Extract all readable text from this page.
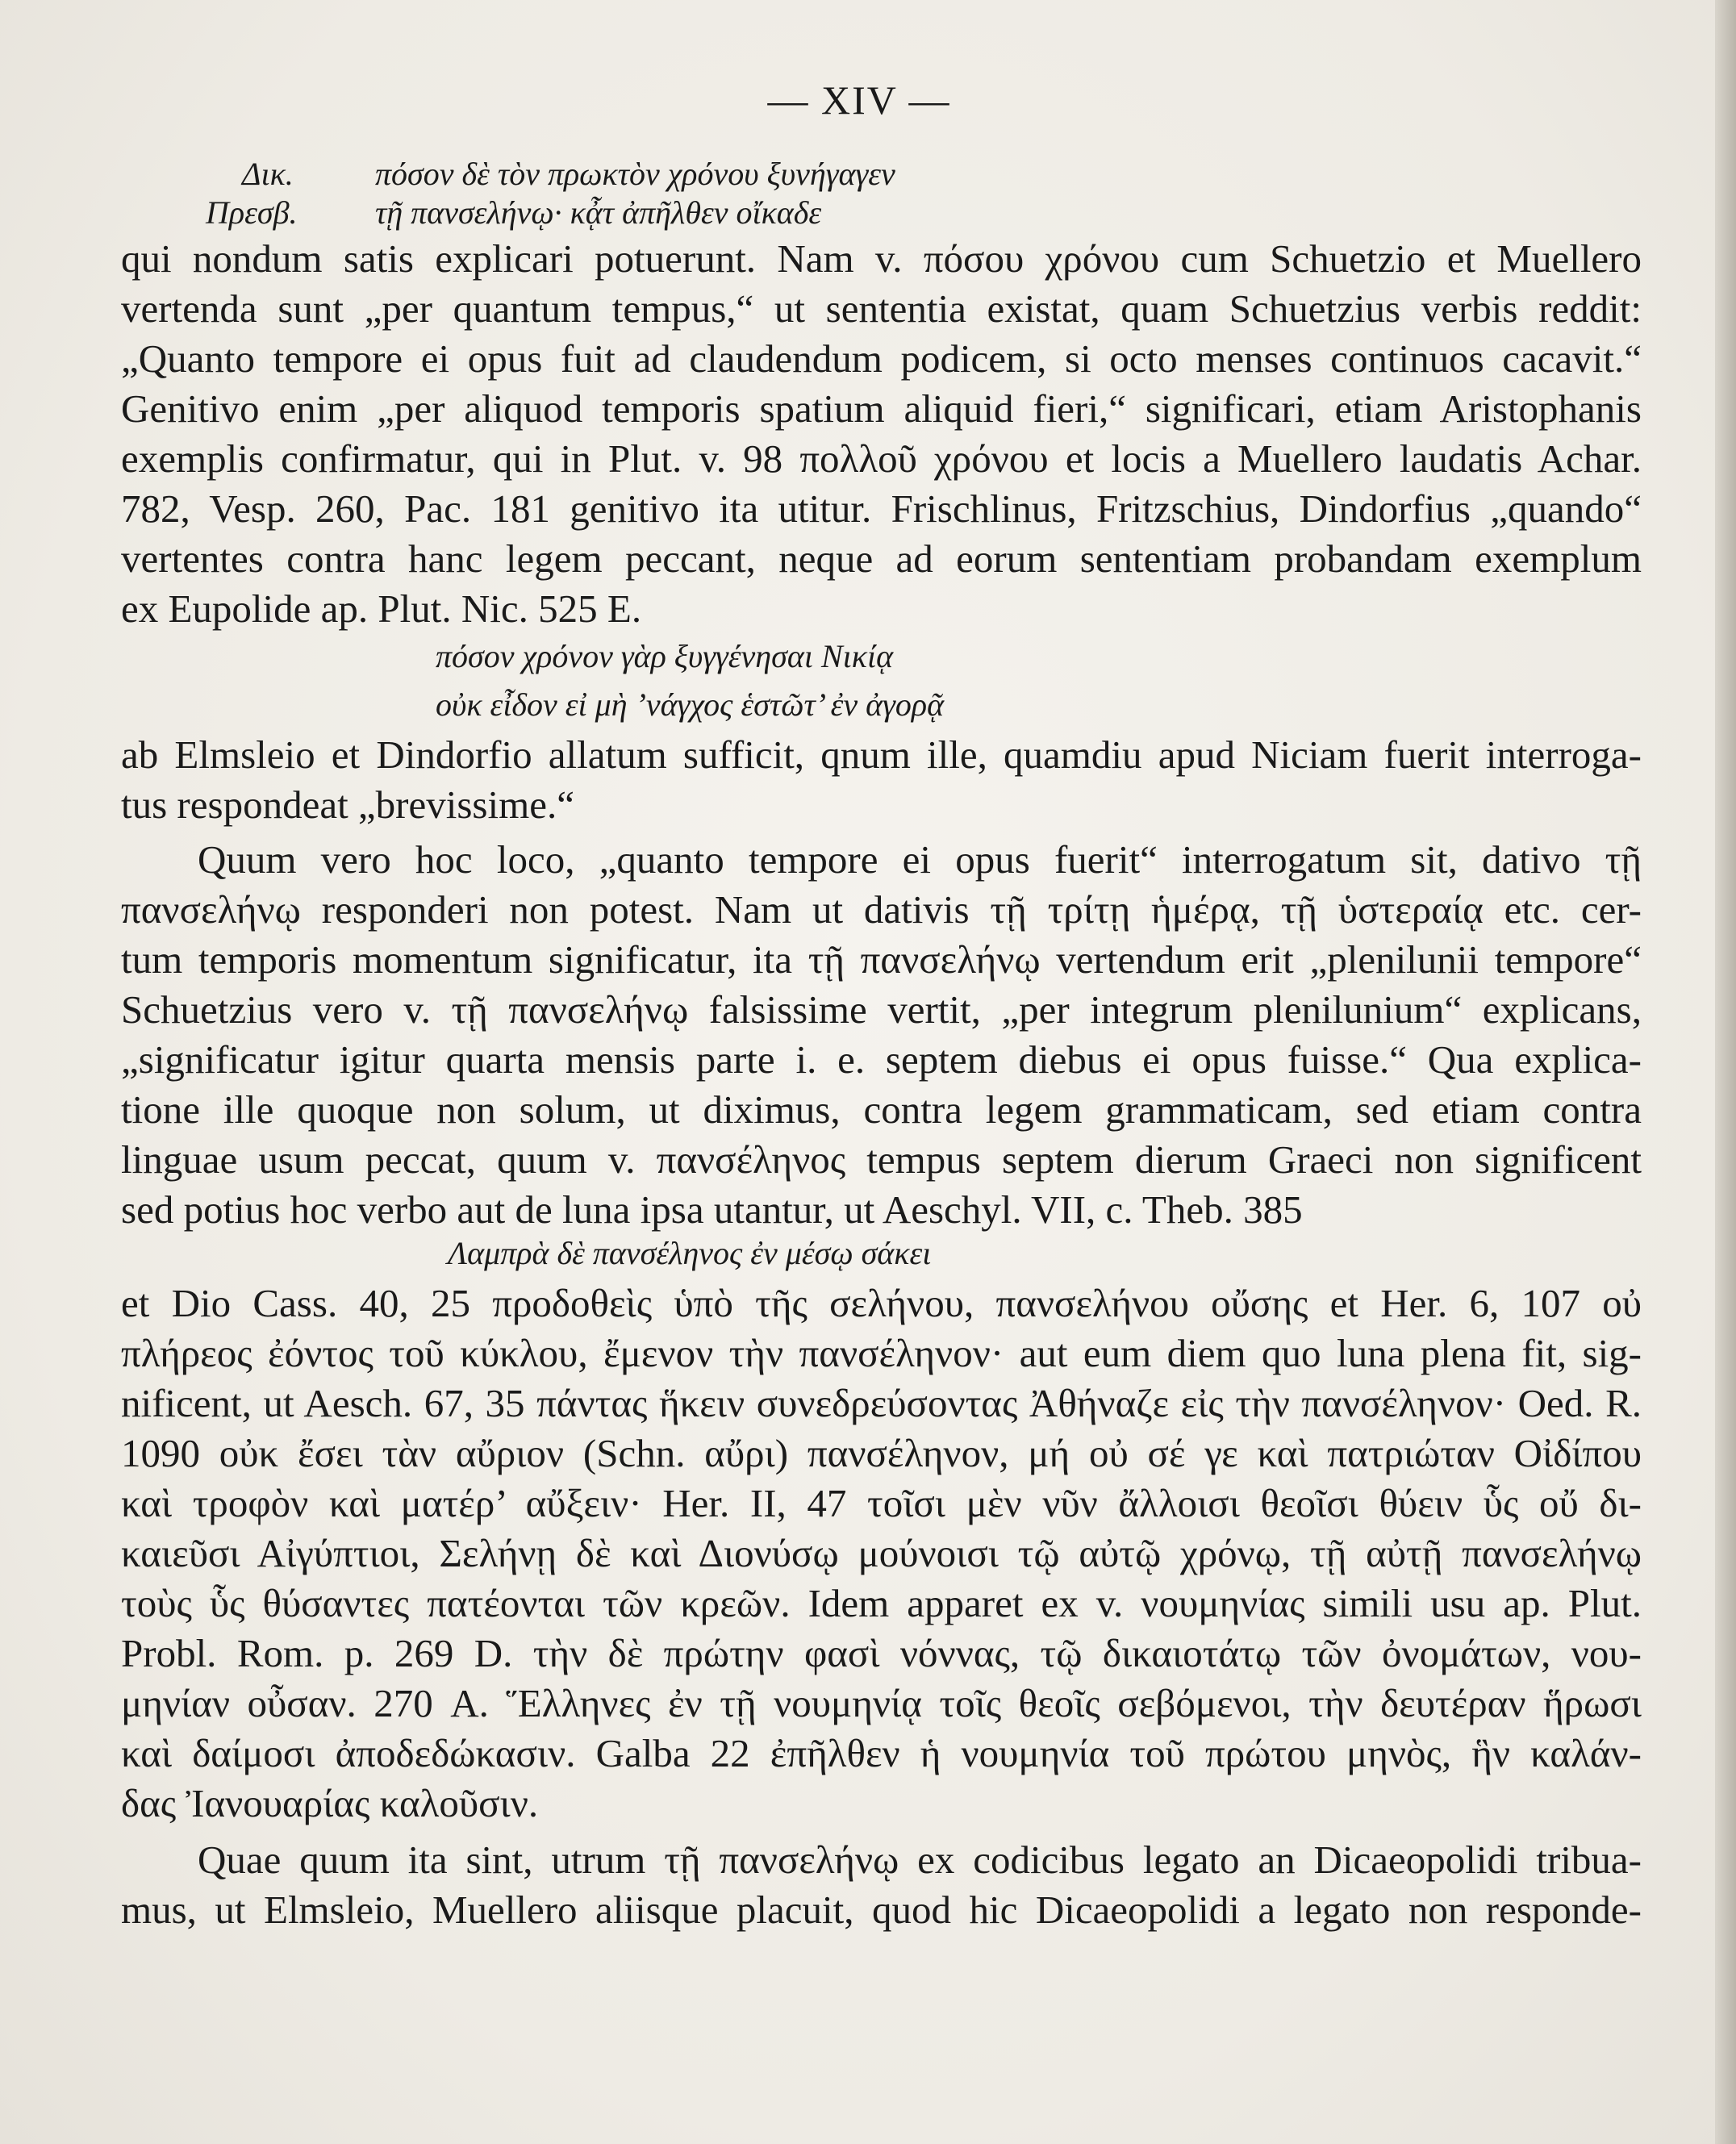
— XIV —
Δικ.	πόσον δὲ τὸν πρωκτὸν χρόνου ξυνήγαγεν
Πρεσβ. τῇ πανσελήνῳ· κᾆτ ἀπῆλθεν οἴκαδε
qui nondum satis explicari potuerunt. Nam v. πόσου χρόνου cum Schuetzio et Muellero
vertenda sunt „per quantum tempus,“ ut sententia existat, quam Schuetzius verbis reddit:
„Quanto tempore ei opus fuit ad claudendum podicem, si octo menses continuos cacavit.“
Genitivo enim „per aliquod temporis spatium aliquid fieri,“ significari, etiam Aristophanis
exemplis confirmatur, qui in Plut. v. 98 πολλοῦ χρόνου et locis a Muellero laudatis Achar.
782, Vesp. 260, Pac. 181 genitivo ita utitur. Frischlinus, Fritzschius, Dindorfius „quando“
vertentes contra hanc legem peccant, neque ad eorum sententiam probandam exemplum
ex Eupolide ap. Plut. Nic. 525 E.
πόσον χρόνον γὰρ ξυγγένησαι Νικίᾳ
οὐκ εἶδον εἰ μὴ ’νάγχος ἑστῶτ’ ἐν ἀγορᾷ
ab Elmsleio et Dindorfio allatum sufficit, qnum ille, quamdiu apud Niciam fuerit interroga-
tus respondeat „brevissime.“
Quum vero hoc loco, „quanto tempore ei opus fuerit“ interrogatum sit, dativo τῇ
πανσελήνῳ responderi non potest. Nam ut dativis τῇ τρίτῃ ἡμέρᾳ, τῇ ὑστεραίᾳ etc. cer-
tum temporis momentum significatur, ita τῇ πανσελήνῳ vertendum erit „plenilunii tempore“
Schuetzius vero v. τῇ πανσελήνῳ falsissime vertit, „per integrum plenilunium“ explicans,
„significatur igitur quarta mensis parte i. e. septem diebus ei opus fuisse.“ Qua explica-
tione ille quoque non solum, ut diximus, contra legem grammaticam, sed etiam contra
linguae usum peccat, quum v. πανσέληνος tempus septem dierum Graeci non significent
sed potius hoc verbo aut de luna ipsa utantur, ut Aeschyl. VII, c. Theb. 385
Λαμπρὰ δὲ πανσέληνος ἐν μέσῳ σάκει
et Dio Cass. 40, 25 προδοθεὶς ὑπὸ τῆς σελήνου, πανσελήνου οὔσης et Her. 6, 107 οὐ
πλήρεος ἐόντος τοῦ κύκλου, ἔμενον τὴν πανσέληνον· aut eum diem quo luna plena fit, sig-
nificent, ut Aesch. 67, 35 πάντας ἥκειν συνεδρεύσοντας Ἀθήναζε εἰς τὴν πανσέληνον· Oed. R.
1090 οὐκ ἔσει τὰν αὔριον (Schn. αὔρι) πανσέληνον, μή οὐ σέ γε καὶ πατριώταν Οἰδίπου
καὶ τροφὸν καὶ ματέρ’ αὔξειν· Her. II, 47 τοῖσι μὲν νῦν ἄλλοισι θεοῖσι θύειν ὗς οὔ δι-
καιεῦσι Αἰγύπτιοι, Σελήνῃ δὲ καὶ Διονύσῳ μούνοισι τῷ αὐτῷ χρόνῳ, τῇ αὐτῇ πανσελήνῳ
τοὺς ὗς θύσαντες πατέονται τῶν κρεῶν. Idem apparet ex v. νουμηνίας simili usu ap. Plut.
Probl. Rom. p. 269 D. τὴν δὲ πρώτην φασὶ νόννας, τῷ δικαιοτάτῳ τῶν ὀνομάτων, νου-
μηνίαν οὖσαν. 270 A. Ἕλληνες ἐν τῇ νουμηνίᾳ τοῖς θεοῖς σεβόμενοι, τὴν δευτέραν ἥρωσι
καὶ δαίμοσι ἀποδεδώκασιν. Galba 22 ἐπῆλθεν ἡ νουμηνία τοῦ πρώτου μηνὸς, ἣν καλάν-
δας Ἰανουαρίας καλοῦσιν.
Quae quum ita sint, utrum τῇ πανσελήνῳ ex codicibus legato an Dicaeopolidi tribua-
mus, ut Elmsleio, Muellero aliisque placuit, quod hic Dicaeopolidi a legato non responde-
